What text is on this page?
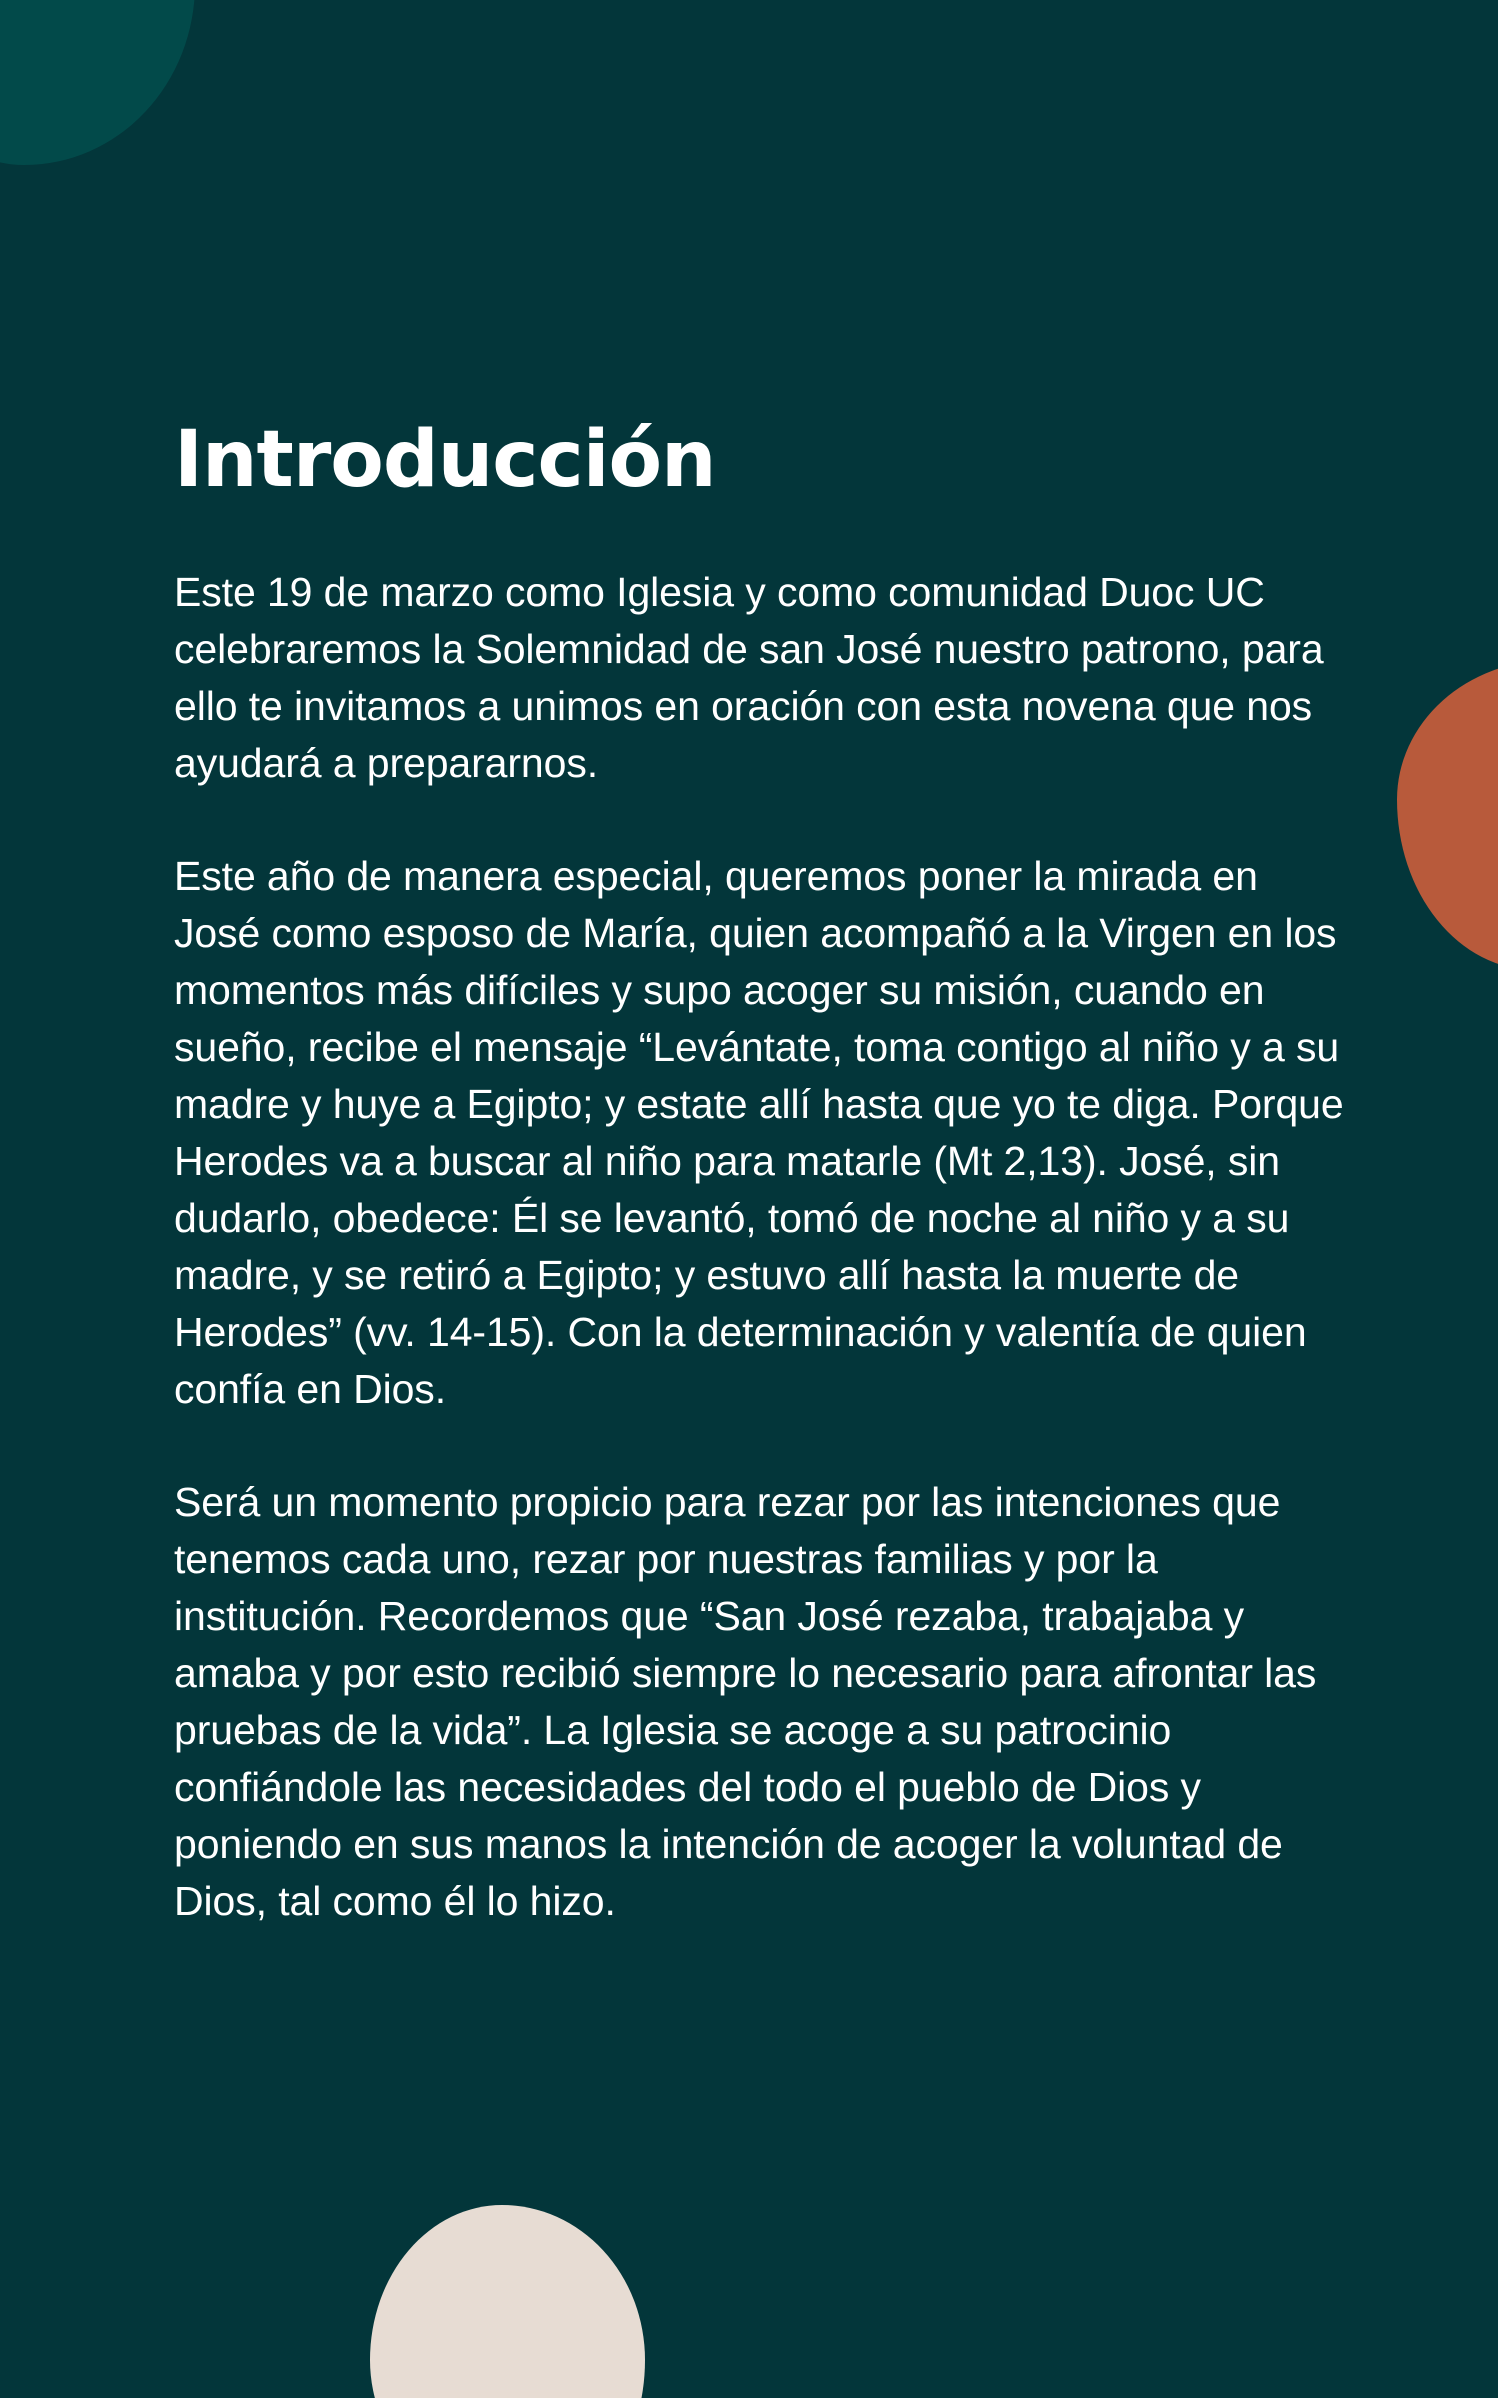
Introducción

Este 19 de marzo como Iglesia y como comunidad Duoc UC celebraremos la Solemnidad de san José nuestro patrono, para ello te invitamos a unimos en oración con esta novena que nos ayudará a prepararnos.

Este año de manera especial, queremos poner la mirada en José como esposo de María, quien acompañó a la Virgen en los momentos más difíciles y supo acoger su misión, cuando en sueño, recibe el mensaje “Levántate, toma contigo al niño y a su madre y huye a Egipto; y estate allí hasta que yo te diga. Porque Herodes va a buscar al niño para matarle (Mt 2,13). José, sin dudarlo, obedece: Él se levantó, tomó de noche al niño y a su madre, y se retiró a Egipto; y estuvo allí hasta la muerte de Herodes” (vv. 14-15). Con la determinación y valentía de quien confía en Dios.

Será un momento propicio para rezar por las intenciones que tenemos cada uno, rezar por nuestras familias y por la institución. Recordemos que “San José rezaba, trabajaba y amaba y por esto recibió siempre lo necesario para afrontar las pruebas de la vida”. La Iglesia se acoge a su patrocinio confiándole las necesidades del todo el pueblo de Dios y poniendo en sus manos la intención de acoger la voluntad de Dios, tal como él lo hizo.
